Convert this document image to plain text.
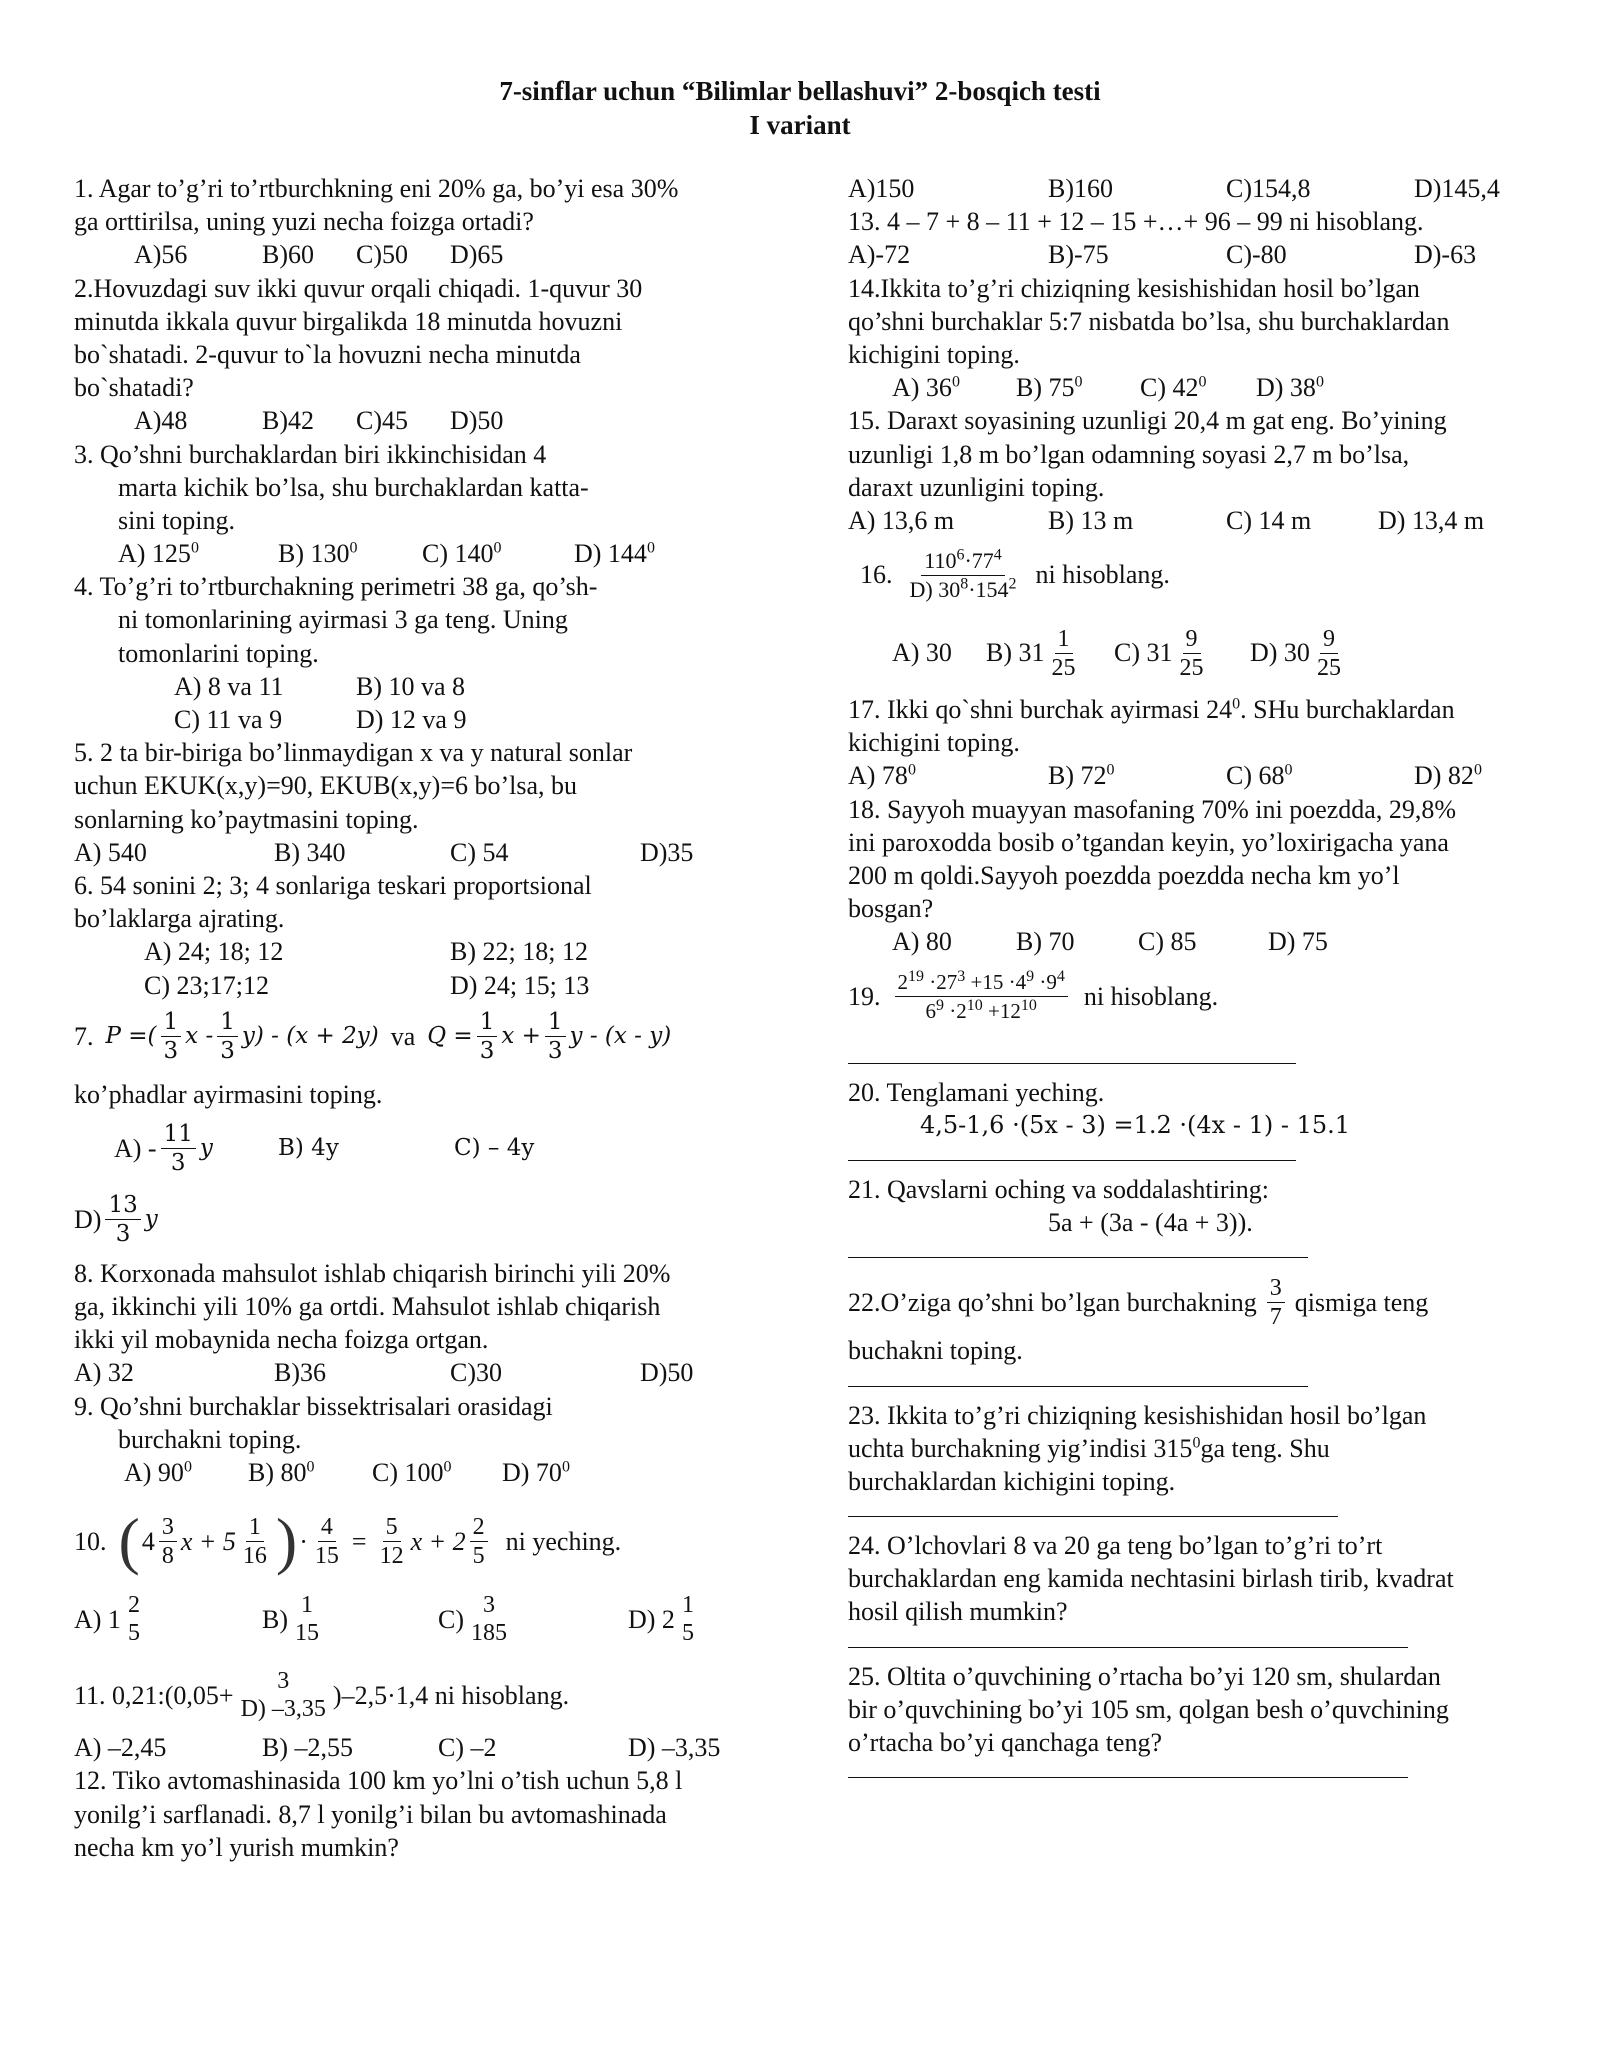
7-sinflar uchun “Bilimlar bellashuvi” 2-bosqich testi
I variant
1. Agar to’g’ri to’rtburchkning eni 20% ga, bo’yi esa 30%
ga orttirilsa, uning yuzi necha foizga ortadi?
A)56	B)60	C)50	D)65
2.Hovuzdagi suv ikki quvur orqali chiqadi. 1-quvur 30
minutda ikkala quvur birgalikda 18 minutda hovuzni
bo`shatadi. 2-quvur to`la hovuzni necha minutda
bo`shatadi?
A)48	B)42	C)45	D)50
3. Qo’shni burchaklardan biri ikkinchisidan 4
marta kichik bo’lsa, shu burchaklardan katta-
sini toping.
A) $125^0$	B) $130^0$	C) $140^0$	D) $144^0$
4. To’g’ri to’rtburchakning perimetri 38 ga, qo’sh-
ni tomonlarining ayirmasi 3 ga teng. Uning
tomonlarini toping.
A) 8 va 11	B) 10 va 8
C) 11 va 9	D) 12 va 9
5. 2 ta bir-biriga bo’linmaydigan x va y natural sonlar
uchun EKUK(x,y)=90, EKUB(x,y)=6 bo’lsa, bu
sonlarning ko’paytmasini toping.
A) 540	B) 340	C) 54	D)35
6. 54 sonini 2; 3; 4 sonlariga teskari proportsional
bo’laklarga ajrating.
A) 24; 18; 12	B) 22; 18; 12
C) 23;17;12	D) 24; 15; 13
7. P =( $\frac{1}{3}$ $x - \frac{1}{3} y) - (x + 2y)$ va $Q = \frac{1}{3}$ $x + \frac{1}{3}$ y - (x - y)
ko’phadlar ayirmasini toping.
$A) - \frac{11}{3}$ y	B) 4y	C) – 4y
$D) \frac{13}{3}$ y
8. Korxonada mahsulot ishlab chiqarish birinchi yili 20%
ga, ikkinchi yili 10% ga ortdi. Mahsulot ishlab chiqarish
ikki yil mobaynida necha foizga ortgan.
A) 32	B)36	C)30	D)50
9. Qo’shni burchaklar bissektrisalari orasidagi
burchakni toping.
A) $90^0$	B) $80^0$	C) $100^0$	D) $70^0$
10. ( $4 \frac{3}{8}$ $x + 5 \frac{1}{16}$ ) · $\frac{4}{15} = \frac{5}{12}$ $x + 2 \frac{2}{5}$ ni yeching.
A) 1 2
5	B) 1
15	C) 3
185	D) 2 1
5
11. 0,21:(0,05+ 3
D) –3,35 )–2,5·1,4 ni hisoblang.
A) –2,45	B) –2,55	C) –2	D) –3,35
12. Tiko avtomashinasida 100 km yo’lni o’tish uchun 5,8 l
yonilg’i sarflanadi. 8,7 l yonilg’i bilan bu avtomashinada
necha km yo’l yurish mumkin?
A)150	B)160	C)154,8	D)145,4
13. 4 – 7 + 8 – 11 + 12 – 15 +…+ 96 – 99 ni hisoblang.
A)-72	B)-75	C)-80	D)-63
14.Ikkita to’g’ri chiziqning kesishishidan hosil bo’lgan
qo’shni burchaklar 5:7 nisbatda bo’lsa, shu burchaklardan
kichigini toping.
A) $36^0$	B) $75^0$	C) $42^0$	D) $38^0$
15. Daraxt soyasining uzunligi 20,4 m gat eng. Bo’yining
uzunligi 1,8 m bo’lgan odamning soyasi 2,7 m bo’lsa,
daraxt uzunligini toping.
A) 13,6 m	B) 13 m	C) 14 m	D) 13,4 m
16. $\frac{110^6\cdot 77^4}{D) 30^8\cdot 154^2}$ ni hisoblang.
A) 30	B) $31 \frac{1}{25} C$) $31 \frac{9}{25} D$) $30 \frac{9}{25}$
17. Ikki qo`shni burchak ayirmasi $24^0$. SHu burchaklardan
kichigini toping.
A) $78^0$	B) $72^0$	C) $68^0$	D) $82^0$
18. Sayyoh muayyan masofaning 70% ini poezdda, 29,8%
ini paroxodda bosib o’tgandan keyin, yo’loxirigacha yana
200 m qoldi.Sayyoh poezdda poezdda necha km yo’l
bosgan?
A) 80	B) 70	C) 85	D) 75
19. $\frac{2^{19} \cdot 27^3 +15 \cdot 4^9 \cdot 9^4}{6^9 \cdot 2^{10} +12^{10}}$ ni hisoblang.
20. Tenglamani yeching.
4,5-1,6 ·(5x - 3) =1.2 ·(4x - 1) - 15.1
21. Qavslarni oching va soddalashtiring:
5a + (3a - (4a + 3)).
22.O’ziga qo’shni bo’lgan burchakning $\frac{3}{7}$ qismiga teng
buchakni toping.
23. Ikkita to’g’ri chiziqning kesishishidan hosil bo’lgan
uchta burchakning yig’indisi $315^0ga$ teng. Shu
burchaklardan kichigini toping.
24. O’lchovlari 8 va 20 ga teng bo’lgan to’g’ri to’rt
burchaklardan eng kamida nechtasini birlash tirib, kvadrat
hosil qilish mumkin?
25. Oltita o’quvchining o’rtacha bo’yi 120 sm, shulardan
bir o’quvchining bo’yi 105 sm, qolgan besh o’quvchining
o’rtacha bo’yi qanchaga teng?
